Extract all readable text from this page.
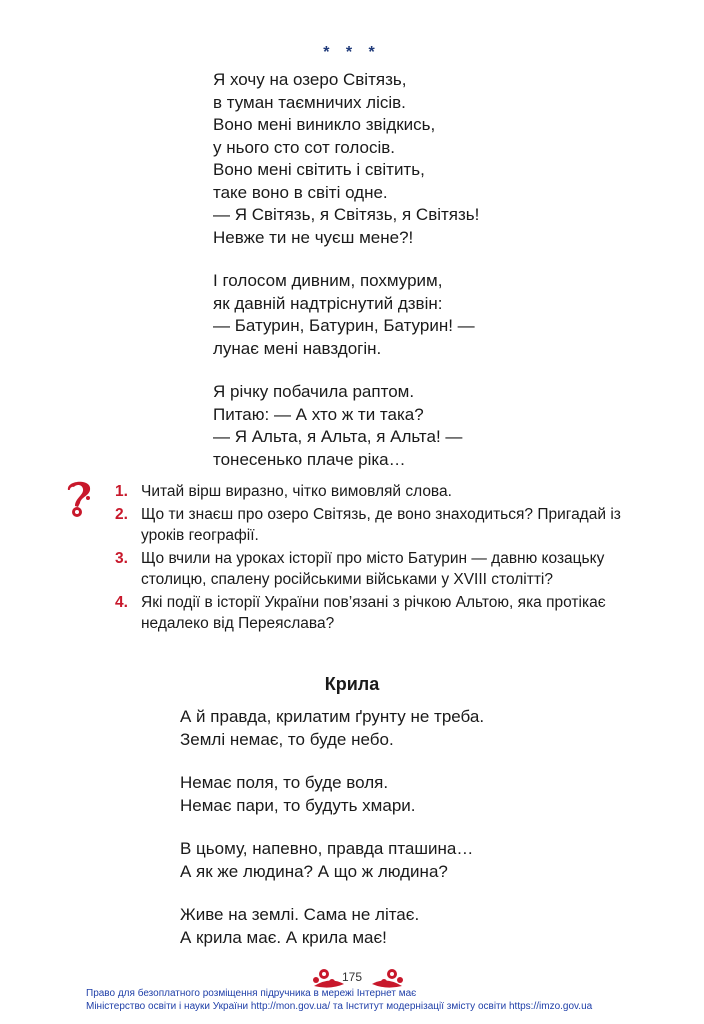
* * *
Я хочу на озеро Світязь,
в туман таємничих лісів.
Воно мені виникло звідкись,
у нього сто сот голосів.
Воно мені світить і світить,
таке воно в світі одне.
— Я Світязь, я Світязь, я Світязь!
Невже ти не чуєш мене?!
І голосом дивним, похмурим,
як давній надтріснутий дзвін:
— Батурин, Батурин, Батурин! —
лунає мені навздогін.
Я річку побачила раптом.
Питаю: — А хто ж ти така?
— Я Альта, я Альта, я Альта! —
тонесенько плаче ріка…
1. Читай вірш виразно, чітко вимовляй слова.
2. Що ти знаєш про озеро Світязь, де воно знаходиться? Пригадай із уроків географії.
3. Що вчили на уроках історії про місто Батурин — давню козацьку столицю, спалену російськими військами у XVIII столітті?
4. Які події в історії України пов’язані з річкою Альтою, яка протікає недалеко від Переяслава?
Крила
А й правда, крилатим ґрунту не треба.
Землі немає, то буде небо.
Немає поля, то буде воля.
Немає пари, то будуть хмари.
В цьому, напевно, правда пташина…
А як же людина? А що ж людина?
Живе на землі. Сама не літає.
А крила має. А крила має!
175
Право для безоплатного розміщення підручника в мережі Інтернет має
Міністерство освіти і науки України http://mon.gov.ua/ та Інститут модернізації змісту освіти https://imzo.gov.ua
